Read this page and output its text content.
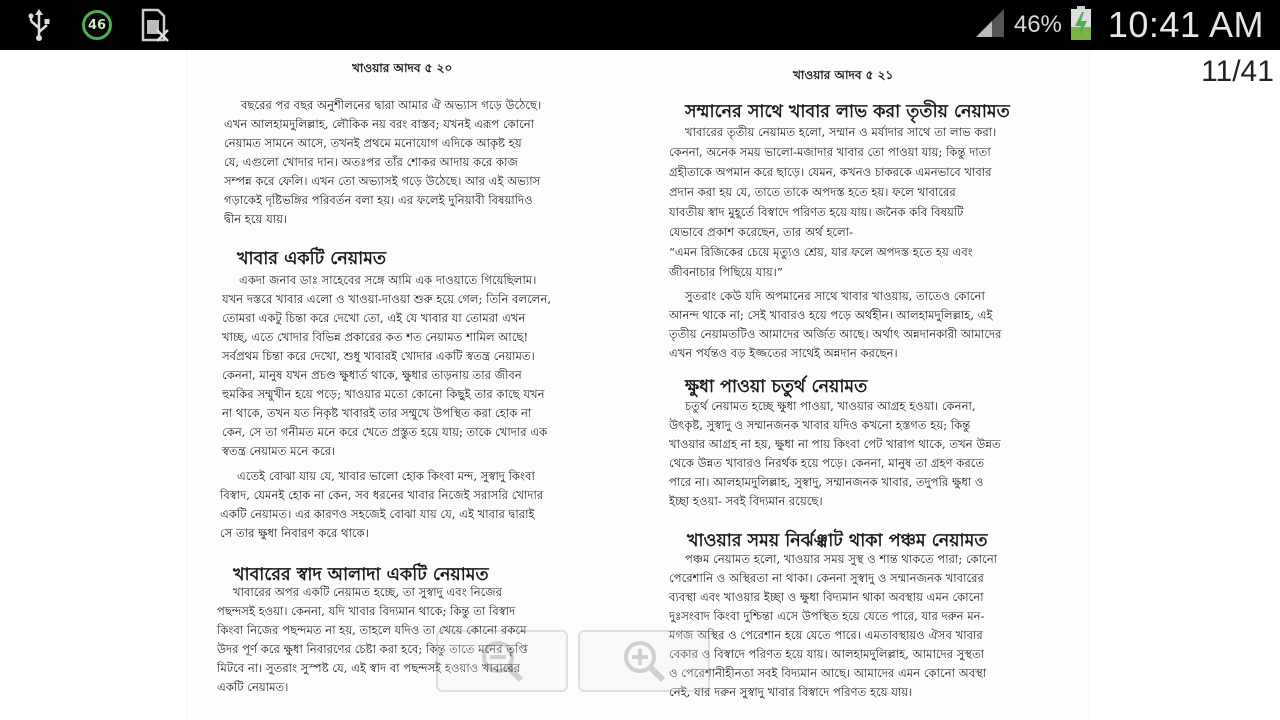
46	46% 10:41 AM
খাওয়ার আদব ৫ ২০
বছরের পর বছর অনুশীলনের দ্বারা আমার ঐ অভ্যাস গড়ে উঠেছে।
এখন আলহামদুলিল্লাহ, লৌকিক নয় বরং বাস্তব; যখনই এরূপ কোনো
নেয়ামত সামনে আসে, তখনই প্রথমে মনোযোগ এদিকে আকৃষ্ট হয়
যে, এগুলো খোদার দান। অতঃপর তাঁর শোকর আদায় করে কাজ
সম্পন্ন করে ফেলি। এখন তো অভ্যাসই গড়ে উঠেছে। আর এই অভ্যাস
গড়াকেই দৃষ্টিভঙ্গির পরিবর্তন বলা হয়। এর ফলেই দুনিয়াবী বিষয়াদিও
দ্বীন হয়ে যায়।
খাবার একটি নেয়ামত
একদা জনাব ডাঃ সাহেবের সঙ্গে আমি এক দাওয়াতে গিয়েছিলাম।
যখন দস্তরে খাবার এলো ও খাওয়া-দাওয়া শুরু হয়ে গেল; তিনি বললেন,
তোমরা একটু চিন্তা করে দেখো তো, এই যে খাবার যা তোমরা এখন
খাচ্ছ, এতে খোদার বিভিন্ন প্রকারের কত শত নেয়ামত শামিল আছে!
সর্বপ্রথম চিন্তা করে দেখো, শুধু খাবারই খোদার একটি স্বতন্ত্র নেয়ামত।
কেননা, মানুষ যখন প্রচণ্ড ক্ষুধার্ত থাকে, ক্ষুধার তাড়নায় তার জীবন
হুমকির সম্মুখীন হয়ে পড়ে; খাওয়ার মতো কোনো কিছুই তার কাছে যখন
না থাকে, তখন যত নিকৃষ্ট খাবারই তার সম্মুখে উপস্থিত করা হোক না
কেন, সে তা গনীমত মনে করে খেতে প্রস্তুত হয়ে যায়; তাকে খোদার এক
স্বতন্ত্র নেয়ামত মনে করে।
এতেই বোঝা যায় যে, খাবার ভালো হোক কিংবা মন্দ, সুস্বাদু কিংবা
বিস্বাদ, যেমনই হোক না কেন, সব ধরনের খাবার নিজেই সরাসরি খোদার
একটি নেয়ামত। এর কারণও সহজেই বোঝা যায় যে, এই খাবার দ্বারাই
সে তার ক্ষুধা নিবারণ করে থাকে।
খাবারের স্বাদ আলাদা একটি নেয়ামত
খাবারের অপর একটি নেয়ামত হচ্ছে, তা সুস্বাদু এবং নিজের
পছন্দসই হওয়া। কেননা, যদি খাবার বিদ্যমান থাকে; কিন্তু তা বিস্বাদ
কিংবা নিজের পছন্দমত না হয়, তাহলে যদিও তা খেয়ে কোনো রকমে
উদর পূর্ণ করে ক্ষুধা নিবারণের চেষ্টা করা হবে; কিন্তু তাতে মনের তৃপ্তি
মিটবে না। সুতরাং সুস্পষ্ট যে, এই স্বাদ বা পছন্দসই হওয়াও খাবারের
একটি নেয়ামত।
খাওয়ার আদব ৫ ২১
সম্মানের সাথে খাবার লাভ করা তৃতীয় নেয়ামত
খাবারের তৃতীয় নেয়ামত হলো, সম্মান ও মর্যাদার সাথে তা লাভ করা।
কেননা, অনেক সময় ভালো-মজাদার খাবার তো পাওয়া যায়; কিন্তু দাতা
গ্রহীতাকে অপমান করে ছাড়ে। যেমন, কখনও চাকরকে এমনভাবে খাবার
প্রদান করা হয় যে, তাতে তাকে অপদস্ত হতে হয়। ফলে খাবারের
যাবতীয় স্বাদ মুহূর্তে বিস্বাদে পরিণত হয়ে যায়। জনৈক কবি বিষয়টি
যেভাবে প্রকাশ করেছেন, তার অর্থ হলো-
“এমন রিজিকের চেয়ে মৃত্যুও শ্রেয়, যার ফলে অপদস্ত হতে হয় এবং
জীবনাচার পিছিয়ে যায়।”
সুতরাং কেউ যদি অপমানের সাথে খাবার খাওয়ায়, তাতেও কোনো
আনন্দ থাকে না; সেই খাবারও হয়ে পড়ে অর্থহীন। আলহামদুলিল্লাহ, এই
তৃতীয় নেয়ামতটিও আমাদের অর্জিত আছে। অর্থাৎ অন্নদানকারী আমাদের
এখন পর্যন্তও বড় ইজ্জতের সাথেই অন্নদান করছেন।
ক্ষুধা পাওয়া চতুর্থ নেয়ামত
চতুর্থ নেয়ামত হচ্ছে ক্ষুধা পাওয়া, খাওয়ার আগ্রহ হওয়া। কেননা,
উৎকৃষ্ট, সুস্বাদু ও সম্মানজনক খাবার যদিও কখনো হস্তগত হয়; কিন্তু
খাওয়ার আগ্রহ না হয়, ক্ষুধা না পায় কিংবা পেট খারাপ থাকে, তখন উন্নত
থেকে উন্নত খাবারও নিরর্থক হয়ে পড়ে। কেননা, মানুষ তা গ্রহণ করতে
পারে না। আলহামদুলিল্লাহ, সুস্বাদু, সম্মানজনক খাবার, তদুপরি ক্ষুধা ও
ইচ্ছা হওয়া- সবই বিদ্যমান রয়েছে।
খাওয়ার সময় নির্ঝঞ্ঝাট থাকা পঞ্চম নেয়ামত
পঞ্চম নেয়ামত হলো, খাওয়ার সময় সুস্থ ও শান্ত থাকতে পারা; কোনো
পেরেশানি ও অস্থিরতা না থাকা। কেননা সুস্বাদু ও সম্মানজনক খাবারের
ব্যবস্থা এবং খাওয়ার ইচ্ছা ও ক্ষুধা বিদ্যমান থাকা অবস্থায় এমন কোনো
দুঃসংবাদ কিংবা দুশ্চিন্তা এসে উপস্থিত হয়ে যেতে পারে, যার দরুন মন-
মগজ অস্থির ও পেরেশান হয়ে যেতে পারে। এমতাবস্থায়ও ঐসব খাবার
বেকার ও বিস্বাদে পরিণত হয়ে যায়। আলহামদুলিল্লাহ, আমাদের সুস্থতা
ও পেরেশানীহীনতা সবই বিদ্যমান আছে। আমাদের এমন কোনো অবস্থা
নেই, যার দরুন সুস্বাদু খাবার বিস্বাদে পরিণত হয়ে যায়।
11/41
